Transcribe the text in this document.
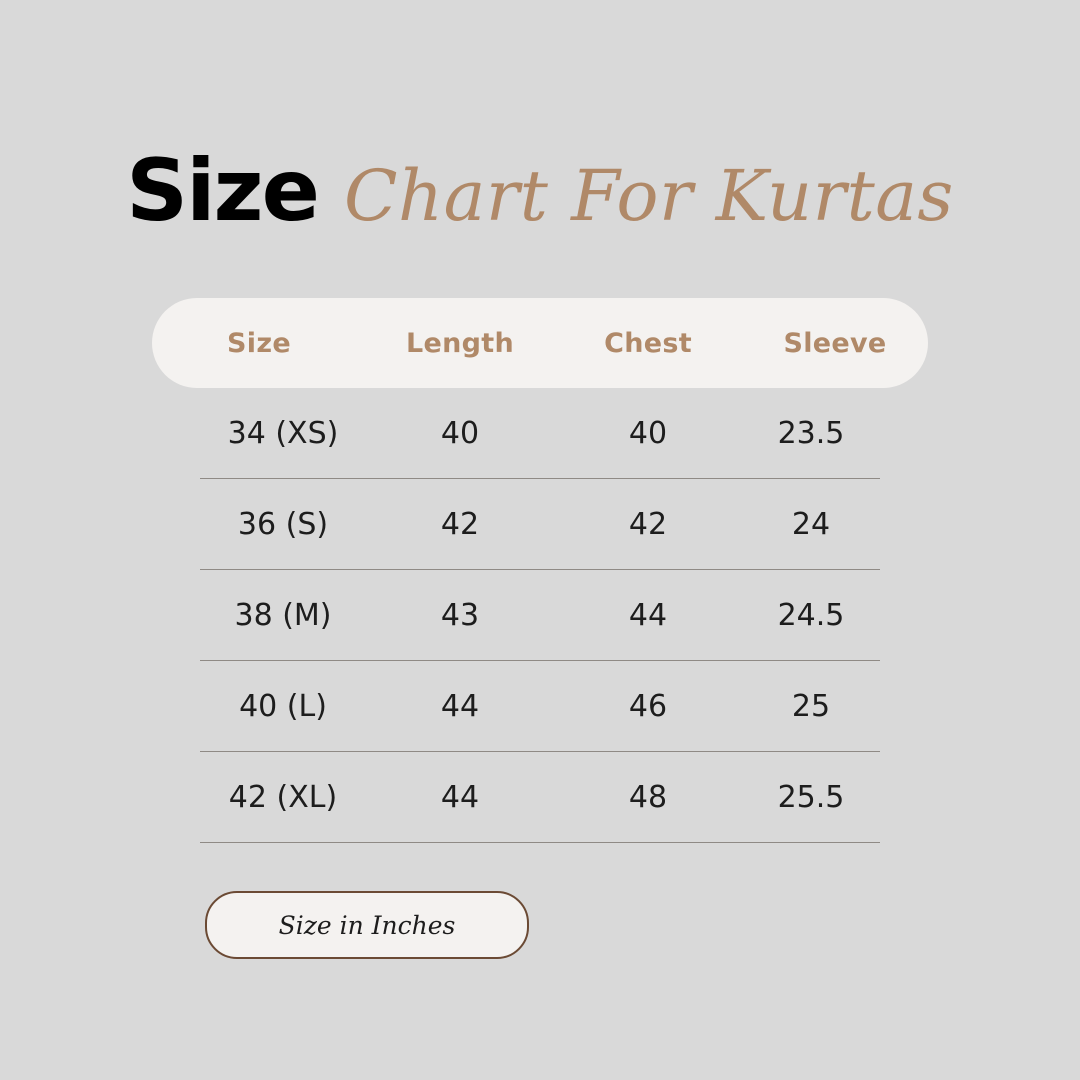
Size Chart For Kurtas
Size	Length	Chest	Sleeve
34 (XS)	40	40	23.5
36 (S)	42	42	24
38 (M)	43	44	24.5
40 (L)	44	46	25
42 (XL)	44	48	25.5
Size in Inches
